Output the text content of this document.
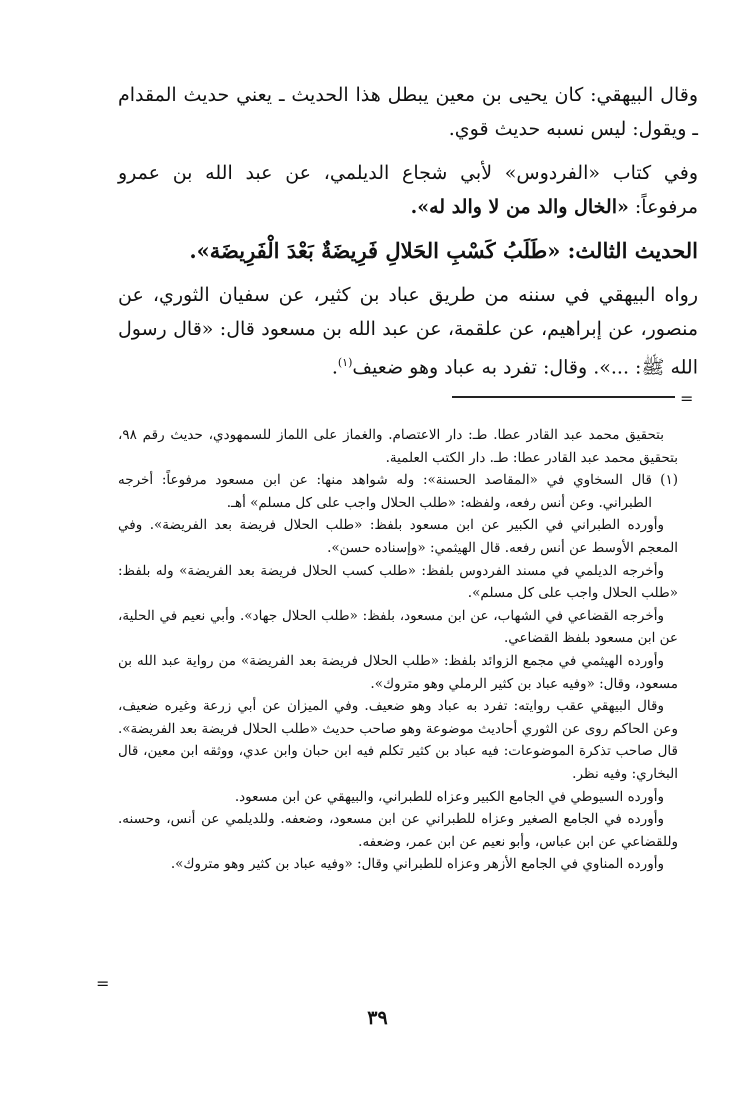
وقال البيهقي: كان يحيى بن معين يبطل هذا الحديث ـ يعني حديث المقدام ـ ويقول: ليس نسبه حديث قوي.

وفي كتاب «الفردوس» لأبي شجاع الديلمي، عن عبد الله بن عمرو مرفوعاً: «الخال والد من لا والد له».

الحديث الثالث: «طَلَبُ كَسْبِ الحَلالِ فَرِيضَةٌ بَعْدَ الْفَرِيضَة».

رواه البيهقي في سننه من طريق عباد بن كثير، عن سفيان الثوري، عن منصور، عن إبراهيم، عن علقمة، عن عبد الله بن مسعود قال: «قال رسول الله ﷺ: ...». وقال: تفرد به عباد وهو ضعيف$^{(١)}$.

=

بتحقيق محمد عبد القادر عطا. طـ: دار الاعتصام. والغماز على اللماز للسمهودي، حديث رقم ٩٨، بتحقيق محمد عبد القادر عطا: طـ. دار الكتب العلمية.

(١)
قال السخاوي في «المقاصد الحسنة»: وله شواهد منها: عن ابن مسعود مرفوعاً: أخرجه الطبراني. وعن أنس رفعه، ولفظه: «طلب الحلال واجب على كل مسلم» أهـ.

وأورده الطبراني في الكبير عن ابن مسعود بلفظ: «طلب الحلال فريضة بعد الفريضة». وفي المعجم الأوسط عن أنس رفعه. قال الهيثمي: «وإسناده حسن».

وأخرجه الديلمي في مسند الفردوس بلفظ: «طلب كسب الحلال فريضة بعد الفريضة» وله بلفظ: «طلب الحلال واجب على كل مسلم».

وأخرجه القضاعي في الشهاب، عن ابن مسعود، بلفظ: «طلب الحلال جهاد». وأبي نعيم في الحلية، عن ابن مسعود بلفظ القضاعي.

وأورده الهيثمي في مجمع الزوائد بلفظ: «طلب الحلال فريضة بعد الفريضة» من رواية عبد الله بن مسعود، وقال: «وفيه عباد بن كثير الرملي وهو متروك».

وقال البيهقي عقب روايته: تفرد به عباد وهو ضعيف. وفي الميزان عن أبي زرعة وغيره ضعيف، وعن الحاكم روى عن الثوري أحاديث موضوعة وهو صاحب حديث «طلب الحلال فريضة بعد الفريضة». قال صاحب تذكرة الموضوعات: فيه عباد بن كثير تكلم فيه ابن حبان وابن عدي، ووثقه ابن معين، قال البخاري: وفيه نظر.

وأورده السيوطي في الجامع الكبير وعزاه للطبراني، والبيهقي عن ابن مسعود.

وأورده في الجامع الصغير وعزاه للطبراني عن ابن مسعود، وضعفه. وللديلمي عن أنس، وحسنه. وللقضاعي عن ابن عباس، وأبو نعيم عن ابن عمر، وضعفه.

وأورده المناوي في الجامع الأزهر وعزاه للطبراني وقال: «وفيه عباد بن كثير وهو متروك».

=
٣٩
